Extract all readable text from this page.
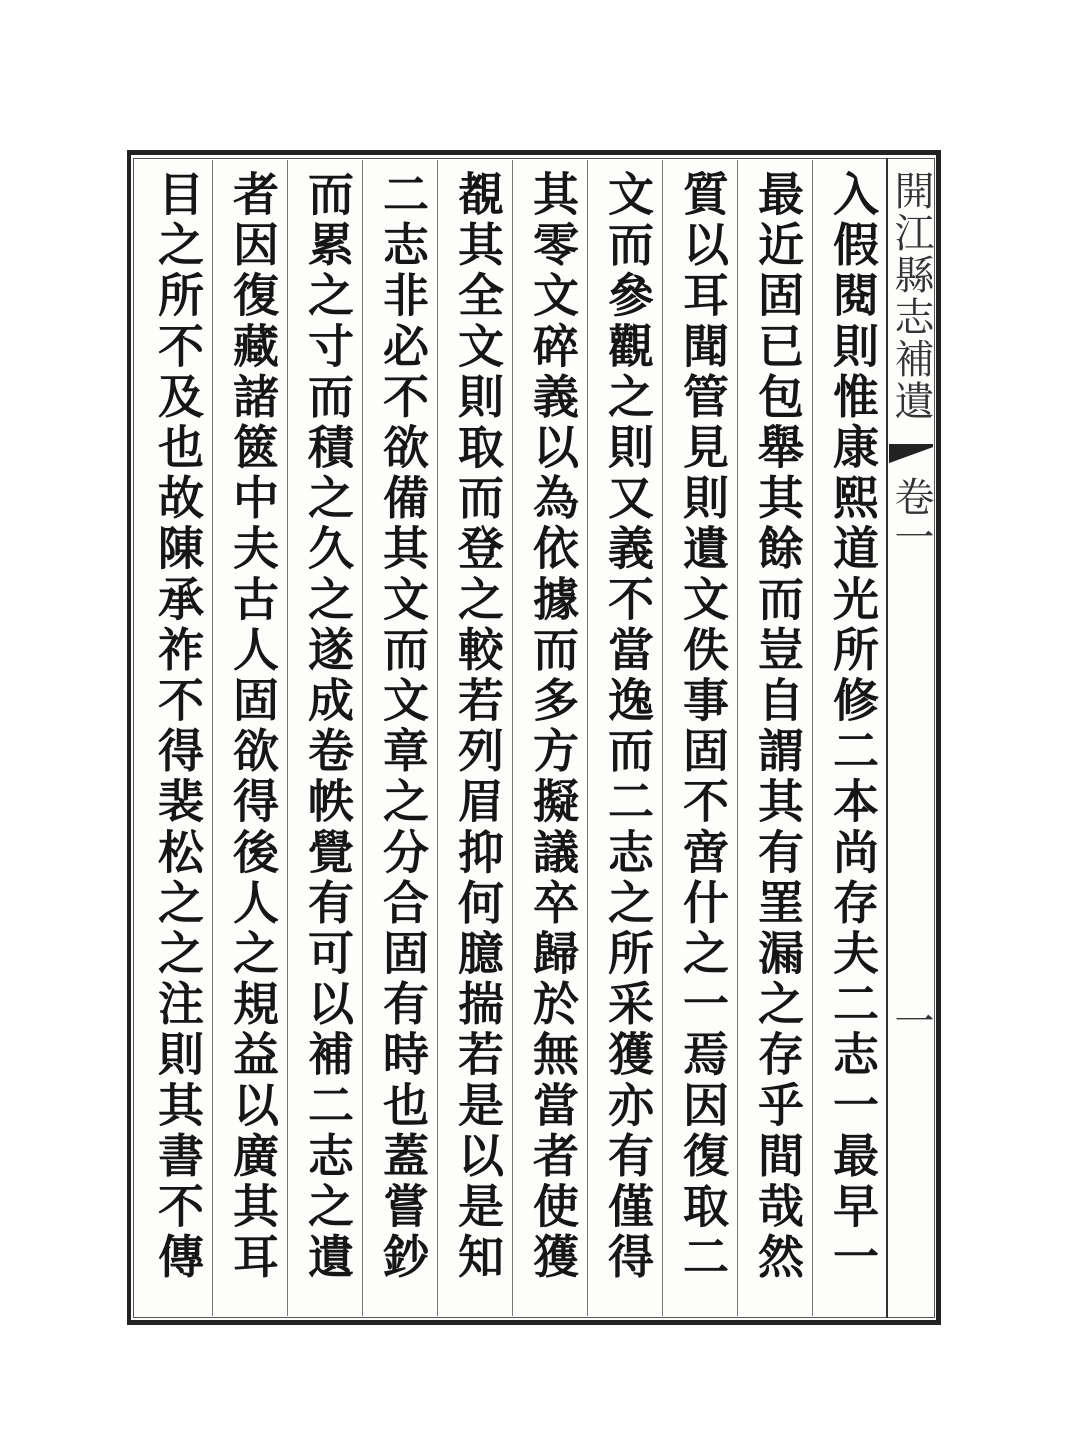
開江縣志補遺
卷一
一
入假閱則惟康熙道光所修二本尚存夫二志一最早一
最近固已包舉其餘而豈自謂其有罣漏之存乎間哉然
質以耳聞管見則遺文佚事固不啻什之一焉因復取二
文而參觀之則又義不當逸而二志之所采獲亦有僅得
其零文碎義以為依據而多方擬議卒歸於無當者使獲
覩其全文則取而登之較若列眉抑何臆揣若是以是知
二志非必不欲備其文而文章之分合固有時也蓋嘗鈔
而累之寸而積之久之遂成卷帙覺有可以補二志之遺
者因復藏諸篋中夫古人固欲得後人之規益以廣其耳
目之所不及也故陳承祚不得裴松之之注則其書不傳
